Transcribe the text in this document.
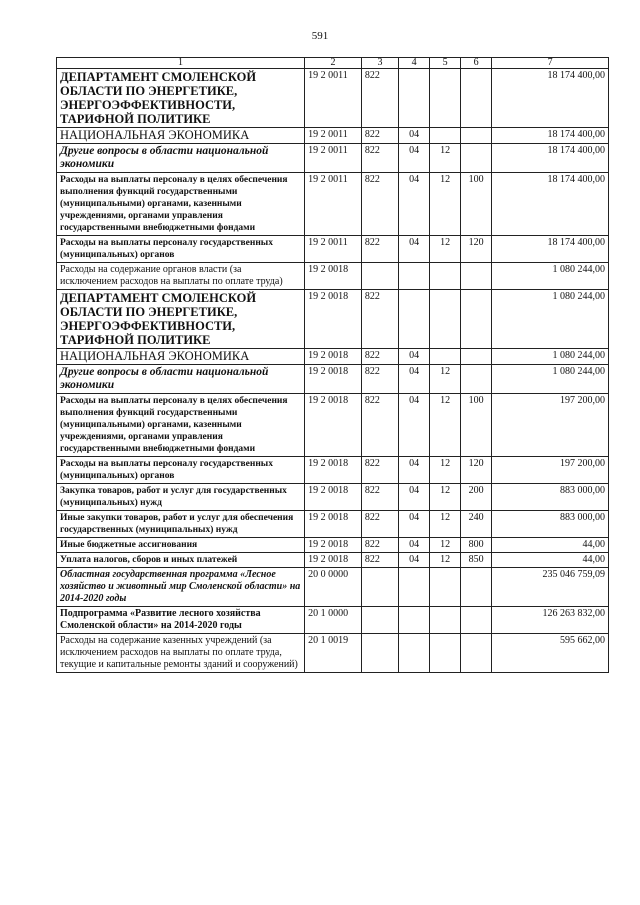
591
1	2	3	4	5	6	7
ДЕПАРТАМЕНТ СМОЛЕНСКОЙ ОБЛАСТИ ПО ЭНЕРГЕТИКЕ, ЭНЕРГОЭФФЕКТИВНОСТИ, ТАРИФНОЙ ПОЛИТИКЕ	19 2 0011	822				18 174 400,00
НАЦИОНАЛЬНАЯ ЭКОНОМИКА	19 2 0011	822	04			18 174 400,00
Другие вопросы в области национальной экономики	19 2 0011	822	04	12		18 174 400,00
Расходы на выплаты персоналу в целях обеспечения выполнения функций государственными (муниципальными) органами, казенными учреждениями, органами управления государственными внебюджетными фондами	19 2 0011	822	04	12	100	18 174 400,00
Расходы на выплаты персоналу государственных (муниципальных) органов	19 2 0011	822	04	12	120	18 174 400,00
Расходы на содержание органов власти (за исключением расходов на выплаты по оплате труда)	19 2 0018					1 080 244,00
ДЕПАРТАМЕНТ СМОЛЕНСКОЙ ОБЛАСТИ ПО ЭНЕРГЕТИКЕ, ЭНЕРГОЭФФЕКТИВНОСТИ, ТАРИФНОЙ ПОЛИТИКЕ	19 2 0018	822				1 080 244,00
НАЦИОНАЛЬНАЯ ЭКОНОМИКА	19 2 0018	822	04			1 080 244,00
Другие вопросы в области национальной экономики	19 2 0018	822	04	12		1 080 244,00
Расходы на выплаты персоналу в целях обеспечения выполнения функций государственными (муниципальными) органами, казенными учреждениями, органами управления государственными внебюджетными фондами	19 2 0018	822	04	12	100	197 200,00
Расходы на выплаты персоналу государственных (муниципальных) органов	19 2 0018	822	04	12	120	197 200,00
Закупка товаров, работ и услуг для государственных (муниципальных) нужд	19 2 0018	822	04	12	200	883 000,00
Иные закупки товаров, работ и услуг для обеспечения государственных (муниципальных) нужд	19 2 0018	822	04	12	240	883 000,00
Иные бюджетные ассигнования	19 2 0018	822	04	12	800	44,00
Уплата налогов, сборов и иных платежей	19 2 0018	822	04	12	850	44,00
Областная государственная программа «Лесное хозяйство и животный мир Смоленской области» на 2014-2020 годы	20 0 0000					235 046 759,09
Подпрограмма «Развитие лесного хозяйства Смоленской области» на 2014-2020 годы	20 1 0000					126 263 832,00
Расходы на содержание казенных учреждений (за исключением расходов на выплаты по оплате труда, текущие и капитальные ремонты зданий и сооружений)	20 1 0019					595 662,00
